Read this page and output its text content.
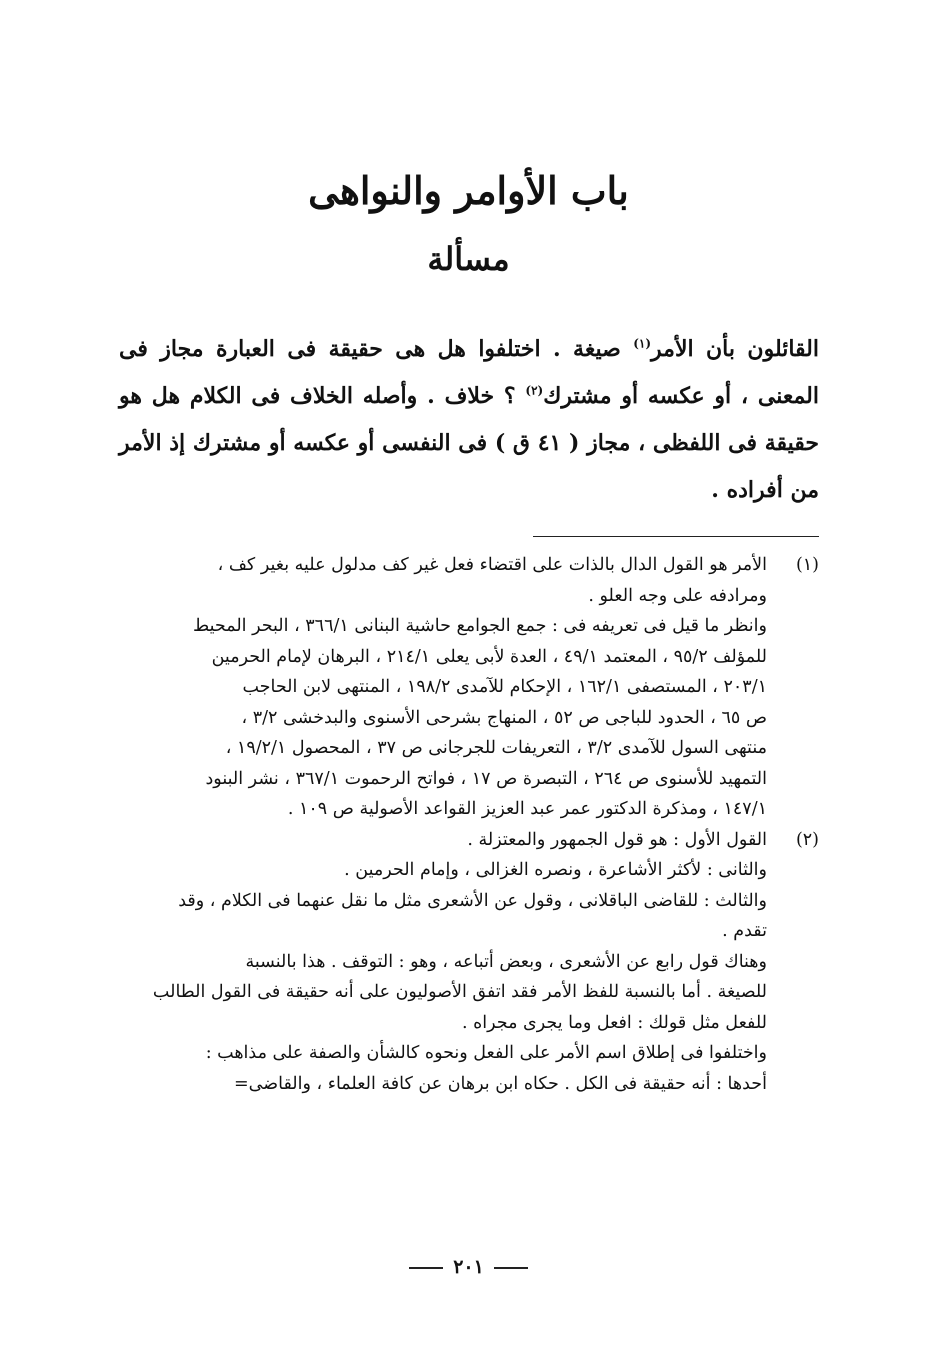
باب الأوامر والنواهى
مسألة
القائلون بأن الأمر$^{(١)}$ صيغة . اختلفوا هل هى حقيقة فى العبارة مجاز فى
المعنى ، أو عكسه أو مشترك$^{(٢)}$ ؟ خلاف . وأصله الخلاف فى الكلام هل هو
حقيقة فى اللفظى ، مجاز ( ٤١ ق ) فى النفسى أو عكسه أو مشترك إذ الأمر
من أفراده .
(١)
الأمر هو القول الدال بالذات على اقتضاء فعل غير كف مدلول عليه بغير كف ،
ومرادفه على وجه العلو .
وانظر ما قيل فى تعريفه فى : جمع الجوامع حاشية البنانى ٣٦٦/١ ، البحر المحيط
للمؤلف ٩٥/٢ ، المعتمد ٤٩/١ ، العدة لأبى يعلى ٢١٤/١ ، البرهان لإمام الحرمين
٢٠٣/١ ، المستصفى ١٦٢/١ ، الإحكام للآمدى ١٩٨/٢ ، المنتهى لابن الحاجب
ص ٦٥ ، الحدود للباجى ص ٥٢ ، المنهاج بشرحى الأسنوى والبدخشى ٣/٢ ،
منتهى السول للآمدى ٣/٢ ، التعريفات للجرجانى ص ٣٧ ، المحصول ١٩/٢/١ ،
التمهيد للأسنوى ص ٢٦٤ ، التبصرة ص ١٧ ، فواتح الرحموت ٣٦٧/١ ، نشر البنود
١٤٧/١ ، ومذكرة الدكتور عمر عبد العزيز القواعد الأصولية ص ١٠٩ .
(٢)
القول الأول : هو قول الجمهور والمعتزلة .
والثانى : لأكثر الأشاعرة ، ونصره الغزالى ، وإمام الحرمين .
والثالث : للقاضى الباقلانى ، وقول عن الأشعرى مثل ما نقل عنهما فى الكلام ، وقد
تقدم .
وهناك قول رابع عن الأشعرى ، وبعض أتباعه ، وهو : التوقف . هذا بالنسبة
للصيغة . أما بالنسبة للفظ الأمر فقد اتفق الأصوليون على أنه حقيقة فى القول الطالب
للفعل مثل قولك : افعل وما يجرى مجراه .
واختلفوا فى إطلاق اسم الأمر على الفعل ونحوه كالشأن والصفة على مذاهب :
أحدها : أنه حقيقة فى الكل . حكاه ابن برهان عن كافة العلماء ، والقاضى=
٢٠١
